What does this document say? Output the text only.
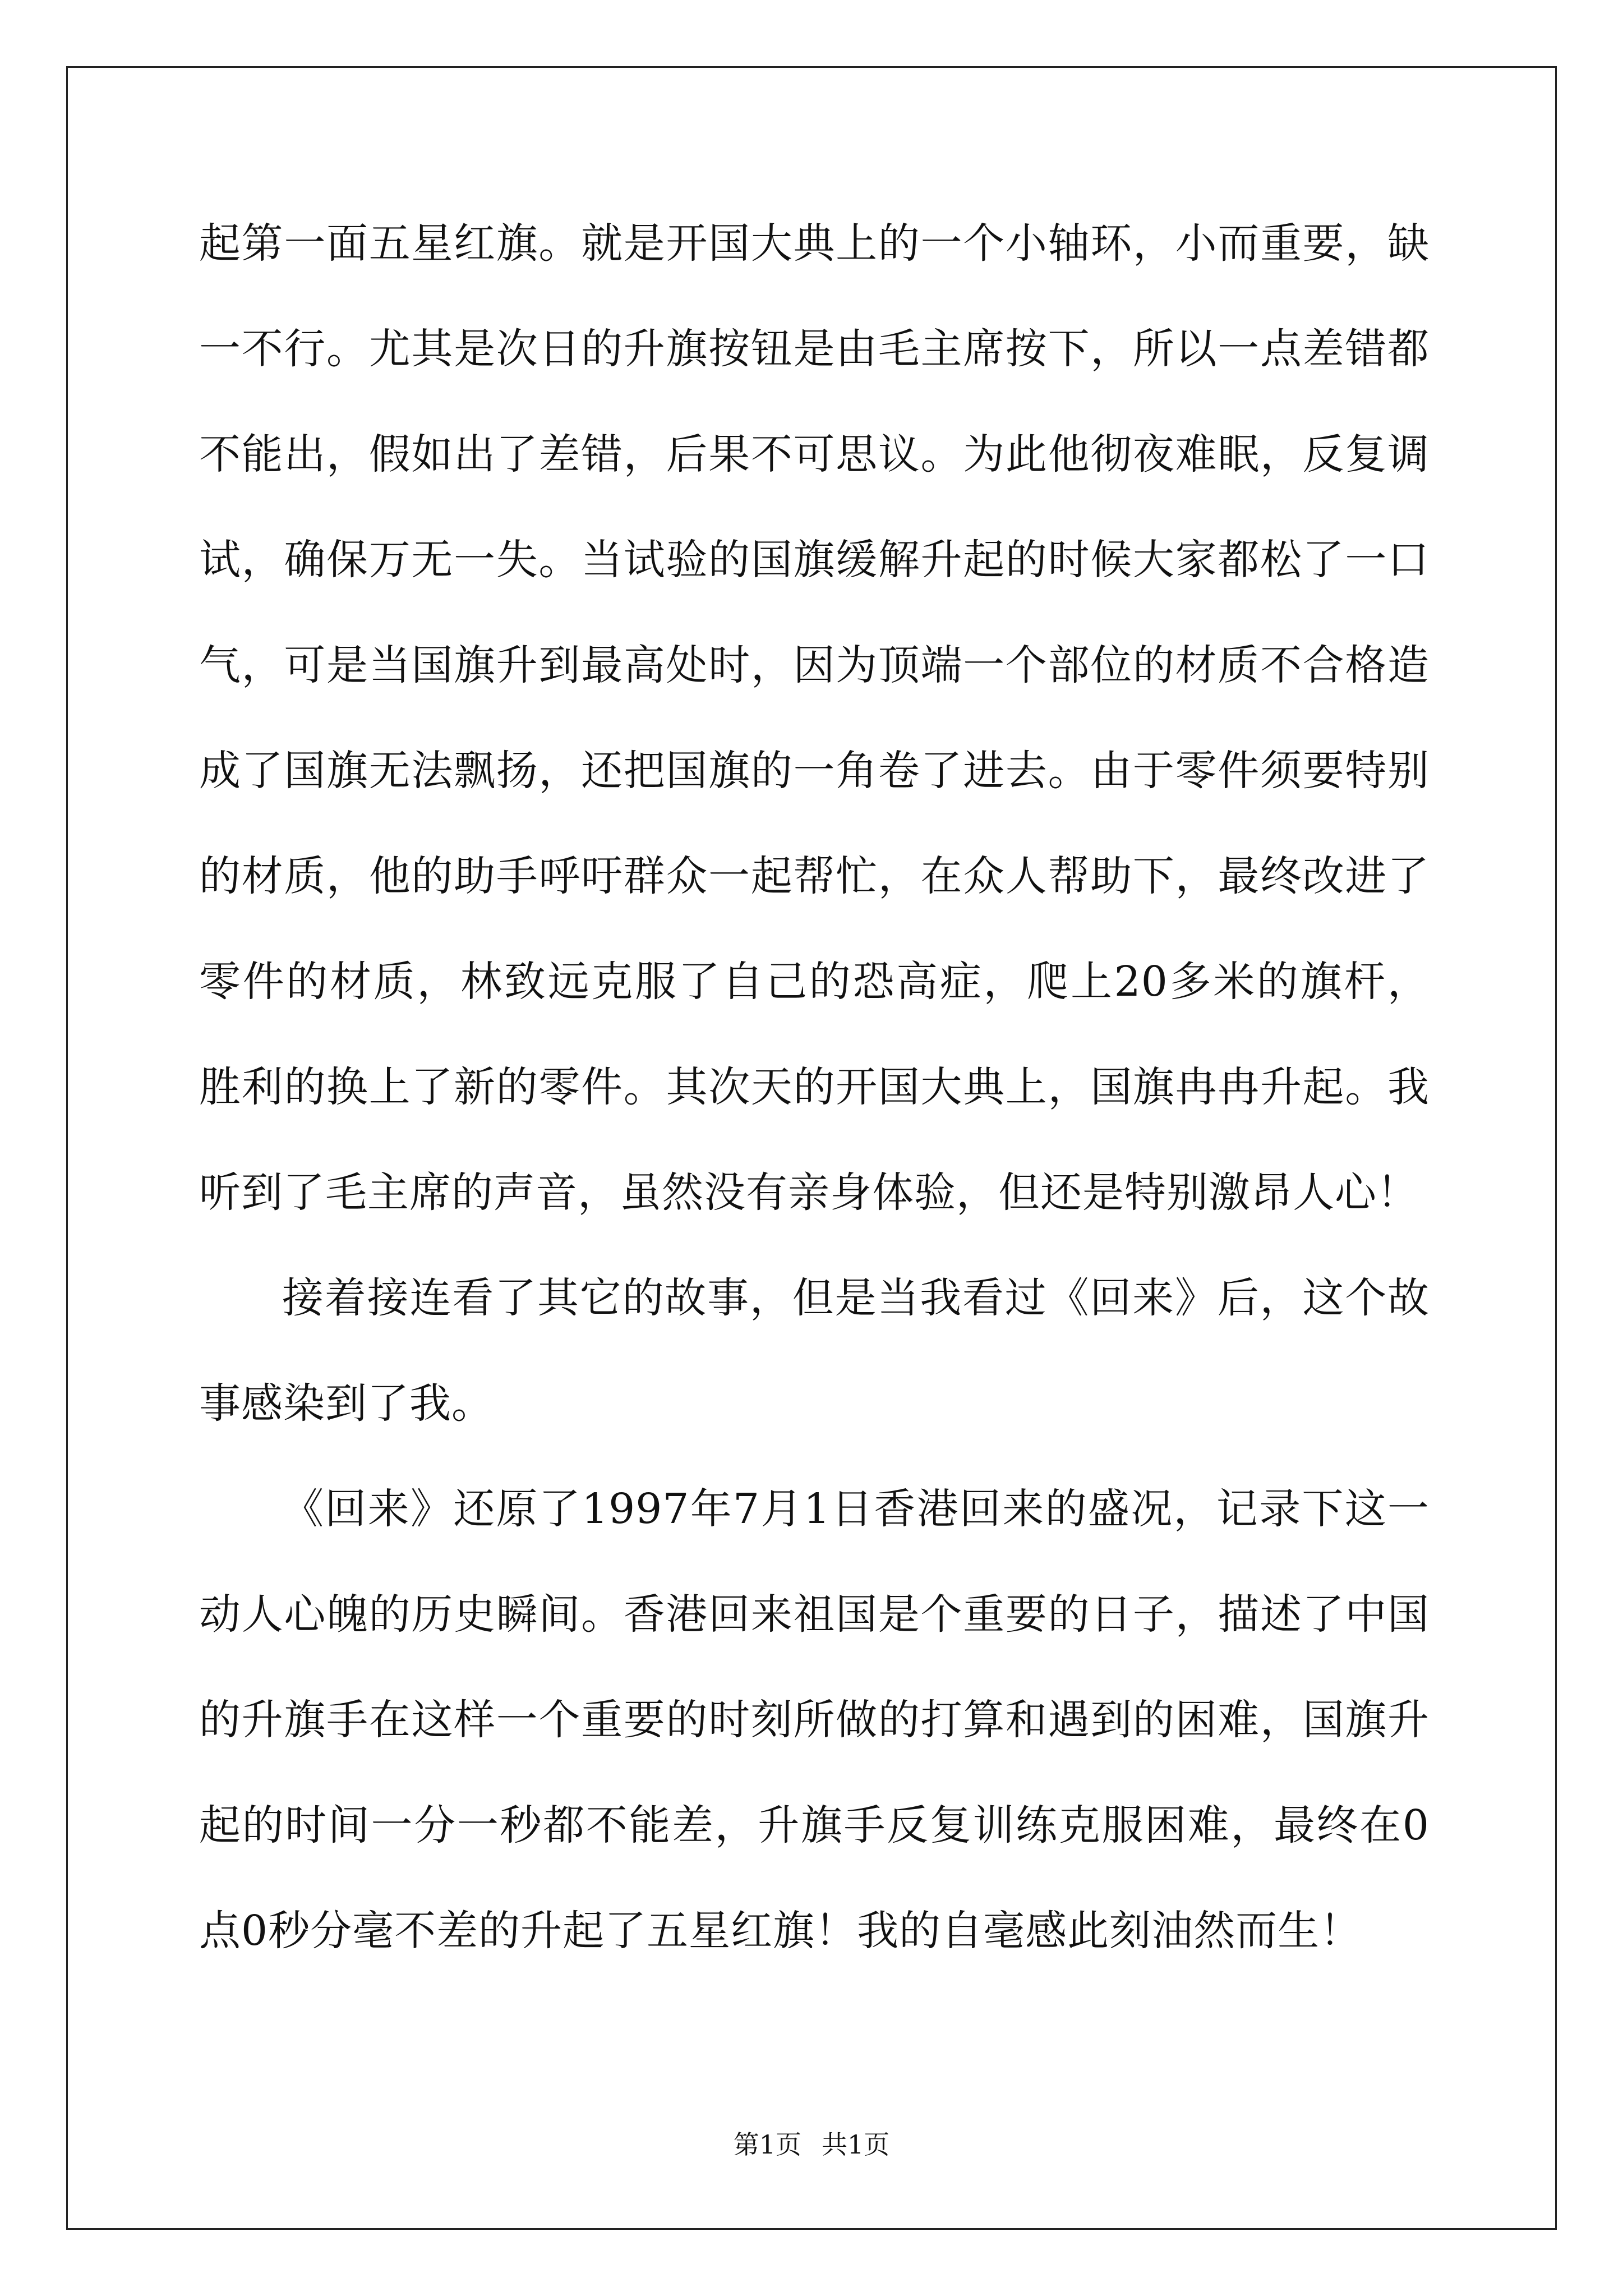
起第一面五星红旗。就是开国大典上的一个小轴环，小而重要，缺一不行。尤其是次日的升旗按钮是由毛主席按下，所以一点差错都不能出，假如出了差错，后果不可思议。为此他彻夜难眠，反复调试，确保万无一失。当试验的国旗缓解升起的时候大家都松了一口气，可是当国旗升到最高处时，因为顶端一个部位的材质不合格造成了国旗无法飘扬，还把国旗的一角卷了进去。由于零件须要特别的材质，他的助手呼吁群众一起帮忙，在众人帮助下，最终改进了零件的材质，林致远克服了自己的恐高症，爬上20多米的旗杆，胜利的换上了新的零件。其次天的开国大典上，国旗冉冉升起。我听到了毛主席的声音，虽然没有亲身体验，但还是特别激昂人心！

接着接连看了其它的故事，但是当我看过《回来》后，这个故事感染到了我。

《回来》还原了1997年7月1日香港回来的盛况，记录下这一动人心魄的历史瞬间。香港回来祖国是个重要的日子，描述了中国的升旗手在这样一个重要的时刻所做的打算和遇到的困难，国旗升起的时间一分一秒都不能差，升旗手反复训练克服困难，最终在0点0秒分毫不差的升起了五星红旗！我的自毫感此刻油然而生！

第1页 共1页
